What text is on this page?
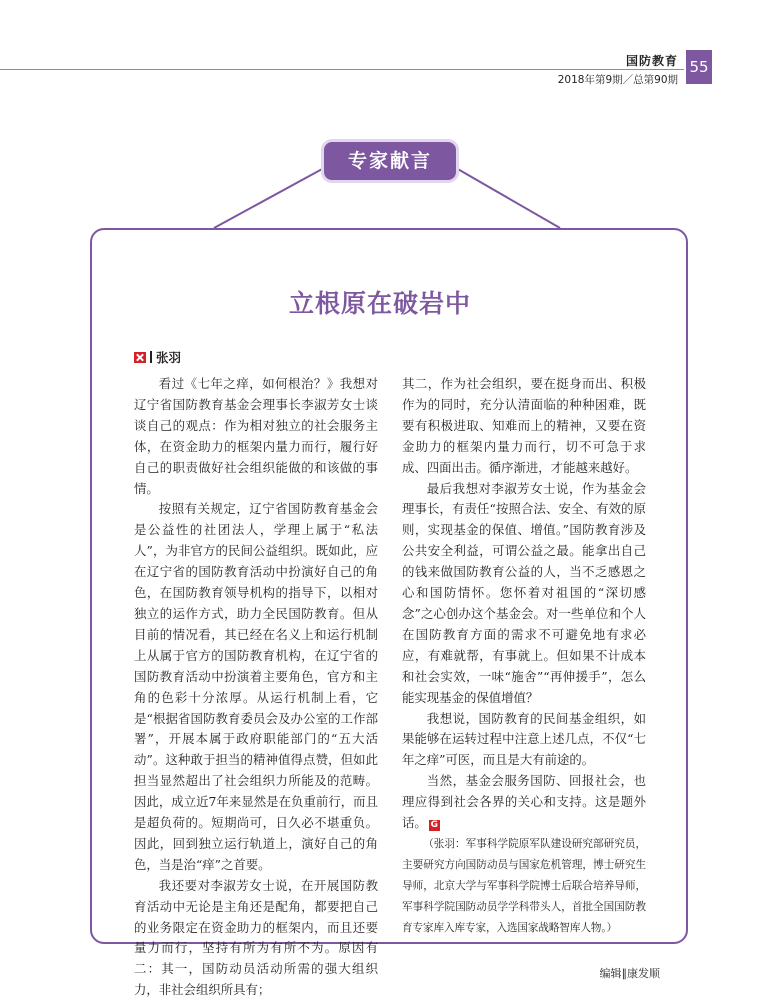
国防教育
2018年第9期／总第90期
55
专家献言
立根原在破岩中
张羽

看过《七年之痒，如何根治？》我想对辽宁省国防教育基金会理事长李淑芳女士谈谈自己的观点：作为相对独立的社会服务主体，在资金助力的框架内量力而行，履行好自己的职责做好社会组织能做的和该做的事情。

按照有关规定，辽宁省国防教育基金会是公益性的社团法人，学理上属于“私法人”，为非官方的民间公益组织。既如此，应在辽宁省的国防教育活动中扮演好自己的角色，在国防教育领导机构的指导下，以相对独立的运作方式，助力全民国防教育。但从目前的情况看，其已经在名义上和运行机制上从属于官方的国防教育机构，在辽宁省的国防教育活动中扮演着主要角色，官方和主角的色彩十分浓厚。从运行机制上看，它是“根据省国防教育委员会及办公室的工作部署”，开展本属于政府职能部门的“五大活动”。这种敢于担当的精神值得点赞，但如此担当显然超出了社会组织力所能及的范畴。因此，成立近7年来显然是在负重前行，而且是超负荷的。短期尚可，日久必不堪重负。因此，回到独立运行轨道上，演好自己的角色，当是治“痒”之首要。

我还要对李淑芳女士说，在开展国防教育活动中无论是主角还是配角，都要把自己的业务限定在资金助力的框架内，而且还要量力而行，坚持有所为有所不为。原因有二：其一，国防动员活动所需的强大组织力，非社会组织所具有；

其二，作为社会组织，要在挺身而出、积极作为的同时，充分认清面临的种种困难，既要有积极进取、知难而上的精神，又要在资金助力的框架内量力而行，切不可急于求成、四面出击。循序渐进，才能越来越好。

最后我想对李淑芳女士说，作为基金会理事长，有责任“按照合法、安全、有效的原则，实现基金的保值、增值。”国防教育涉及公共安全利益，可谓公益之最。能拿出自己的钱来做国防教育公益的人，当不乏感恩之心和国防情怀。您怀着对祖国的“深切感念”之心创办这个基金会。对一些单位和个人在国防教育方面的需求不可避免地有求必应，有难就帮，有事就上。但如果不计成本和社会实效，一味“施舍”“再伸援手”，怎么能实现基金的保值增值？

我想说，国防教育的民间基金组织，如果能够在运转过程中注意上述几点，不仅“七年之痒”可医，而且是大有前途的。

当然，基金会服务国防、回报社会，也理应得到社会各界的关心和支持。这是题外话。 G

（张羽：军事科学院原军队建设研究部研究员，主要研究方向国防动员与国家危机管理，博士研究生导师，北京大学与军事科学院博士后联合培养导师，军事科学院国防动员学学科带头人，首批全国国防教育专家库入库专家，入选国家战略智库人物。）

编辑∥康发顺
